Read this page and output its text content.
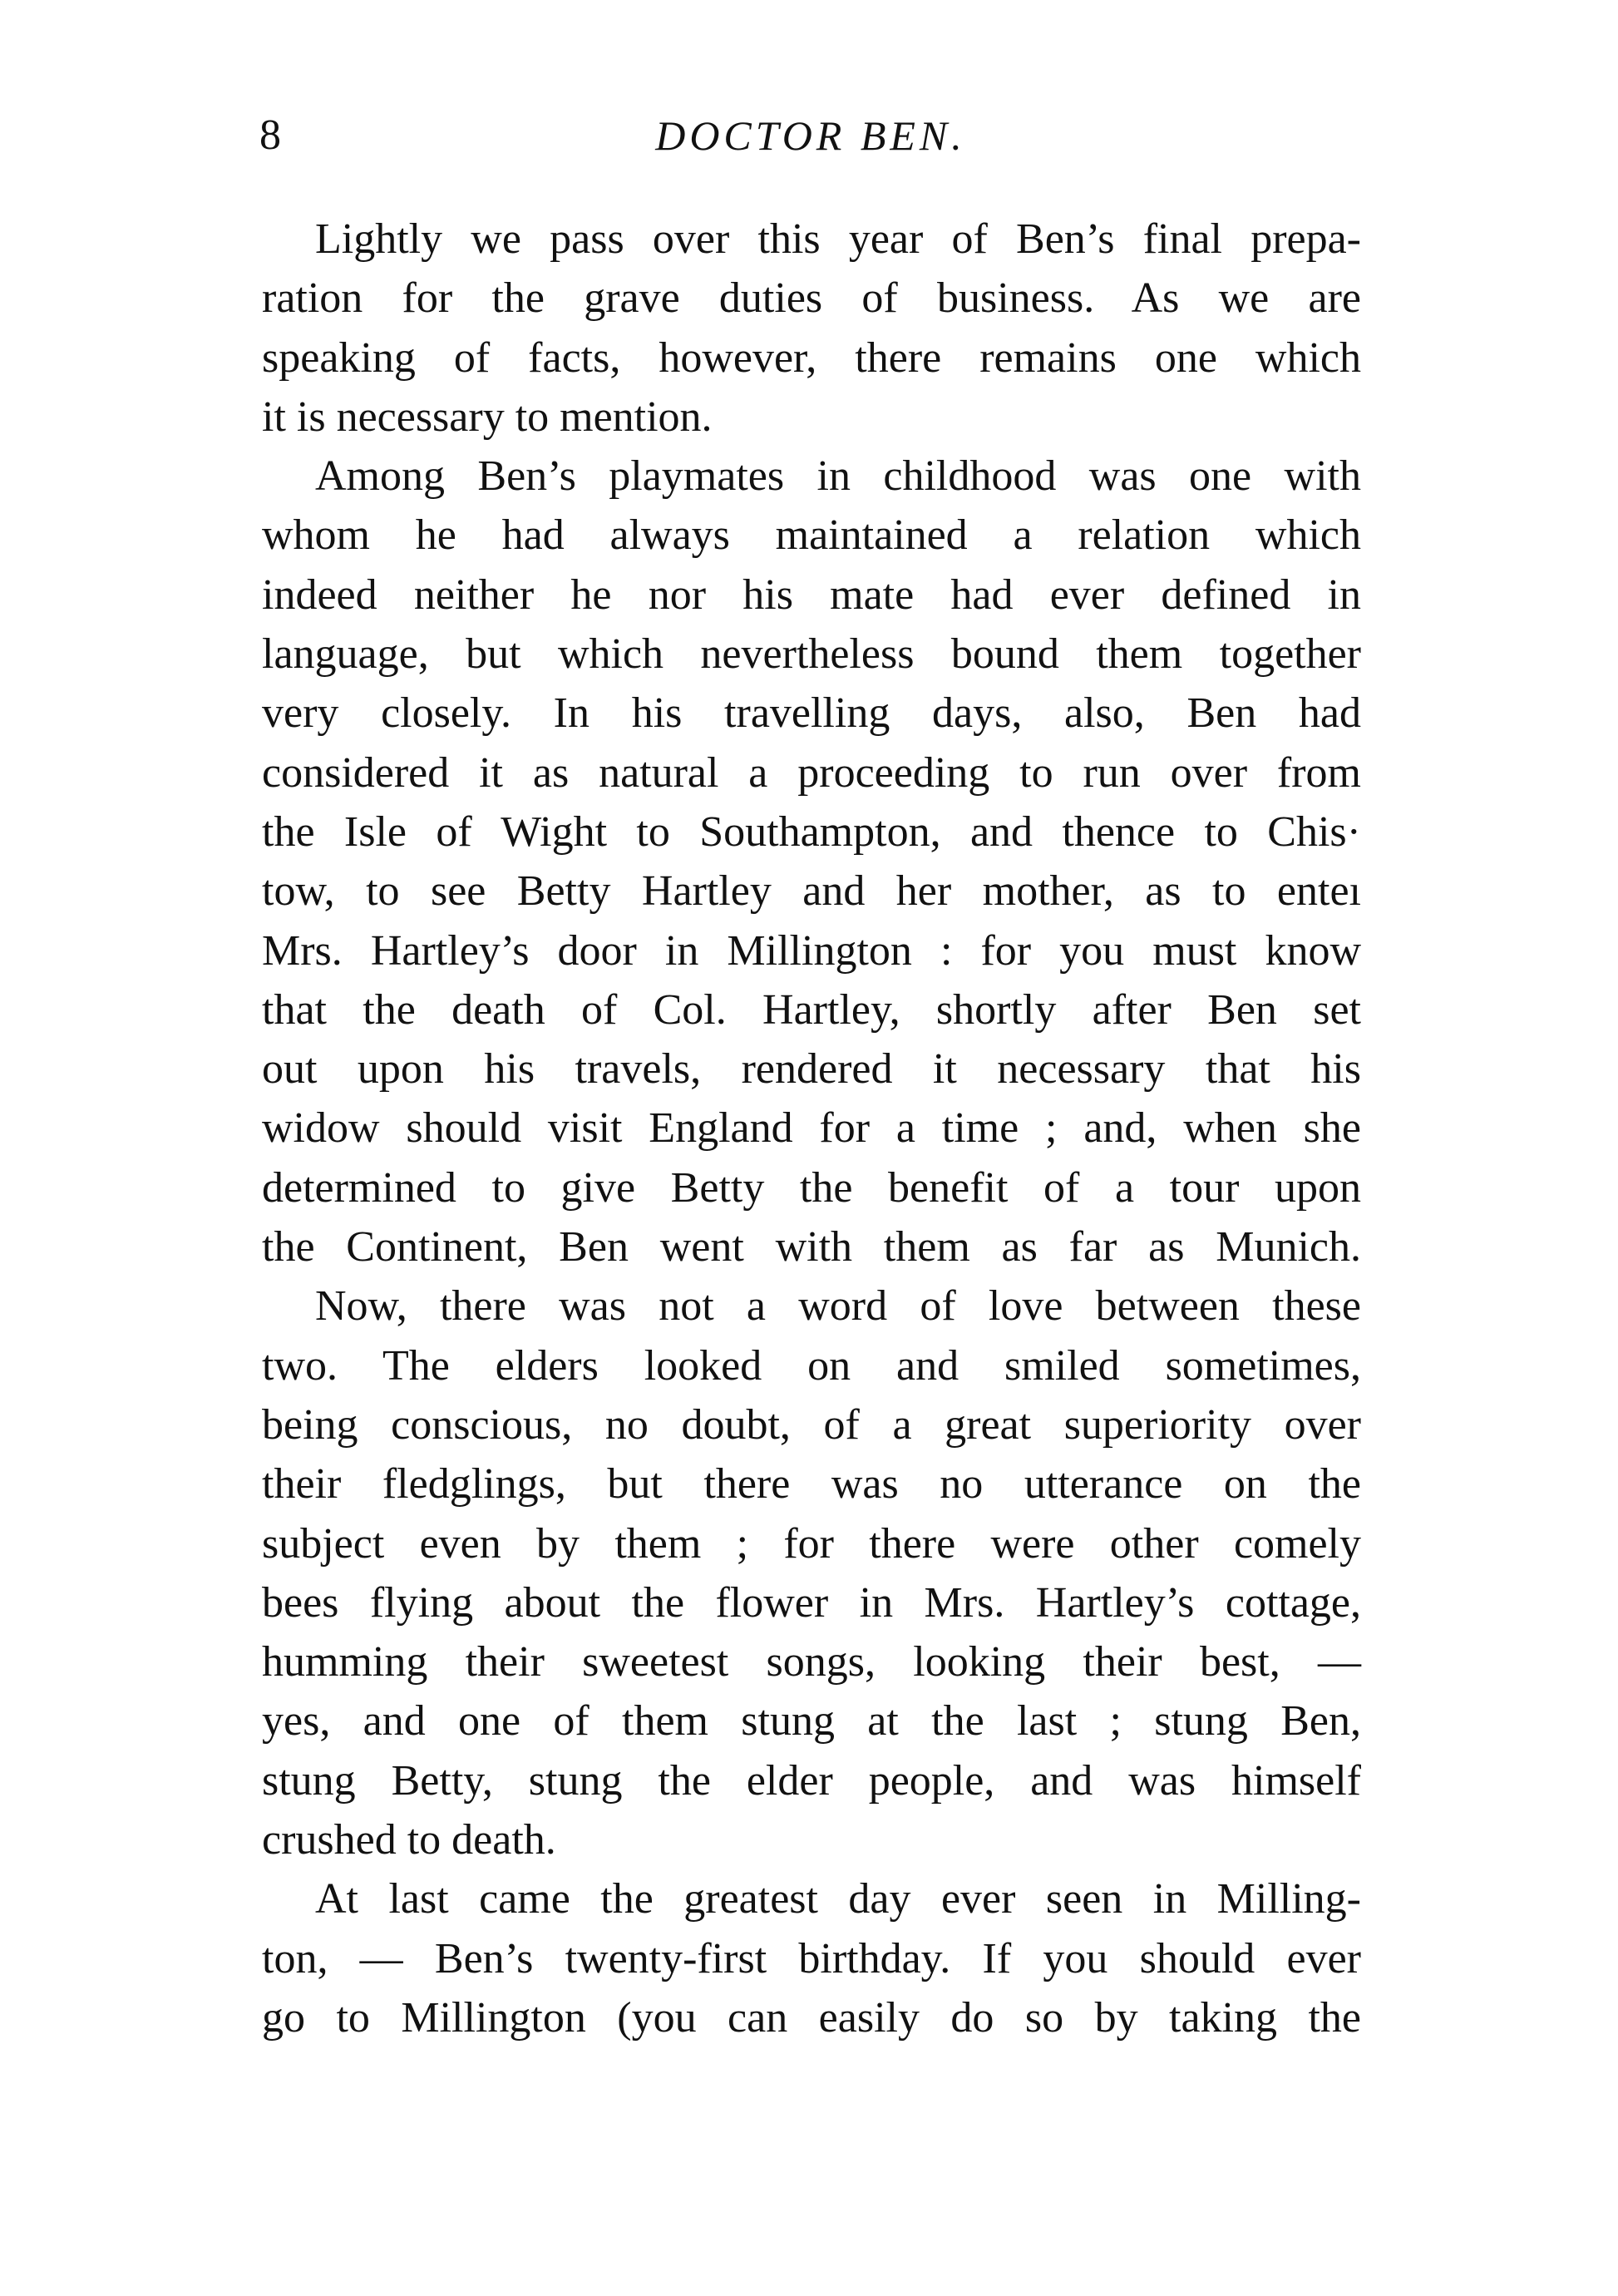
8	DOCTOR BEN.
Lightly we pass over this year of Ben’s final prepa-
ration for the grave duties of business. As we are
speaking of facts, however, there remains one which
it is necessary to mention.
Among Ben’s playmates in childhood was one with
whom he had always maintained a relation which
indeed neither he nor his mate had ever defined in
language, but which nevertheless bound them together
very closely. In his travelling days, also, Ben had
considered it as natural a proceeding to run over from
the Isle of Wight to Southampton, and thence to Chis·
tow, to see Betty Hartley and her mother, as to enteı
Mrs. Hartley’s door in Millington : for you must know
that the death of Col. Hartley, shortly after Ben set
out upon his travels, rendered it necessary that his
widow should visit England for a time ; and, when she
determined to give Betty the benefit of a tour upon
the Continent, Ben went with them as far as Munich.
Now, there was not a word of love between these
two. The elders looked on and smiled sometimes,
being conscious, no doubt, of a great superiority over
their fledglings, but there was no utterance on the
subject even by them ; for there were other comely
bees flying about the flower in Mrs. Hartley’s cottage,
humming their sweetest songs, looking their best, —
yes, and one of them stung at the last ; stung Ben,
stung Betty, stung the elder people, and was himself
crushed to death.
At last came the greatest day ever seen in Milling-
ton, — Ben’s twenty-first birthday. If you should ever
go to Millington (you can easily do so by taking the
